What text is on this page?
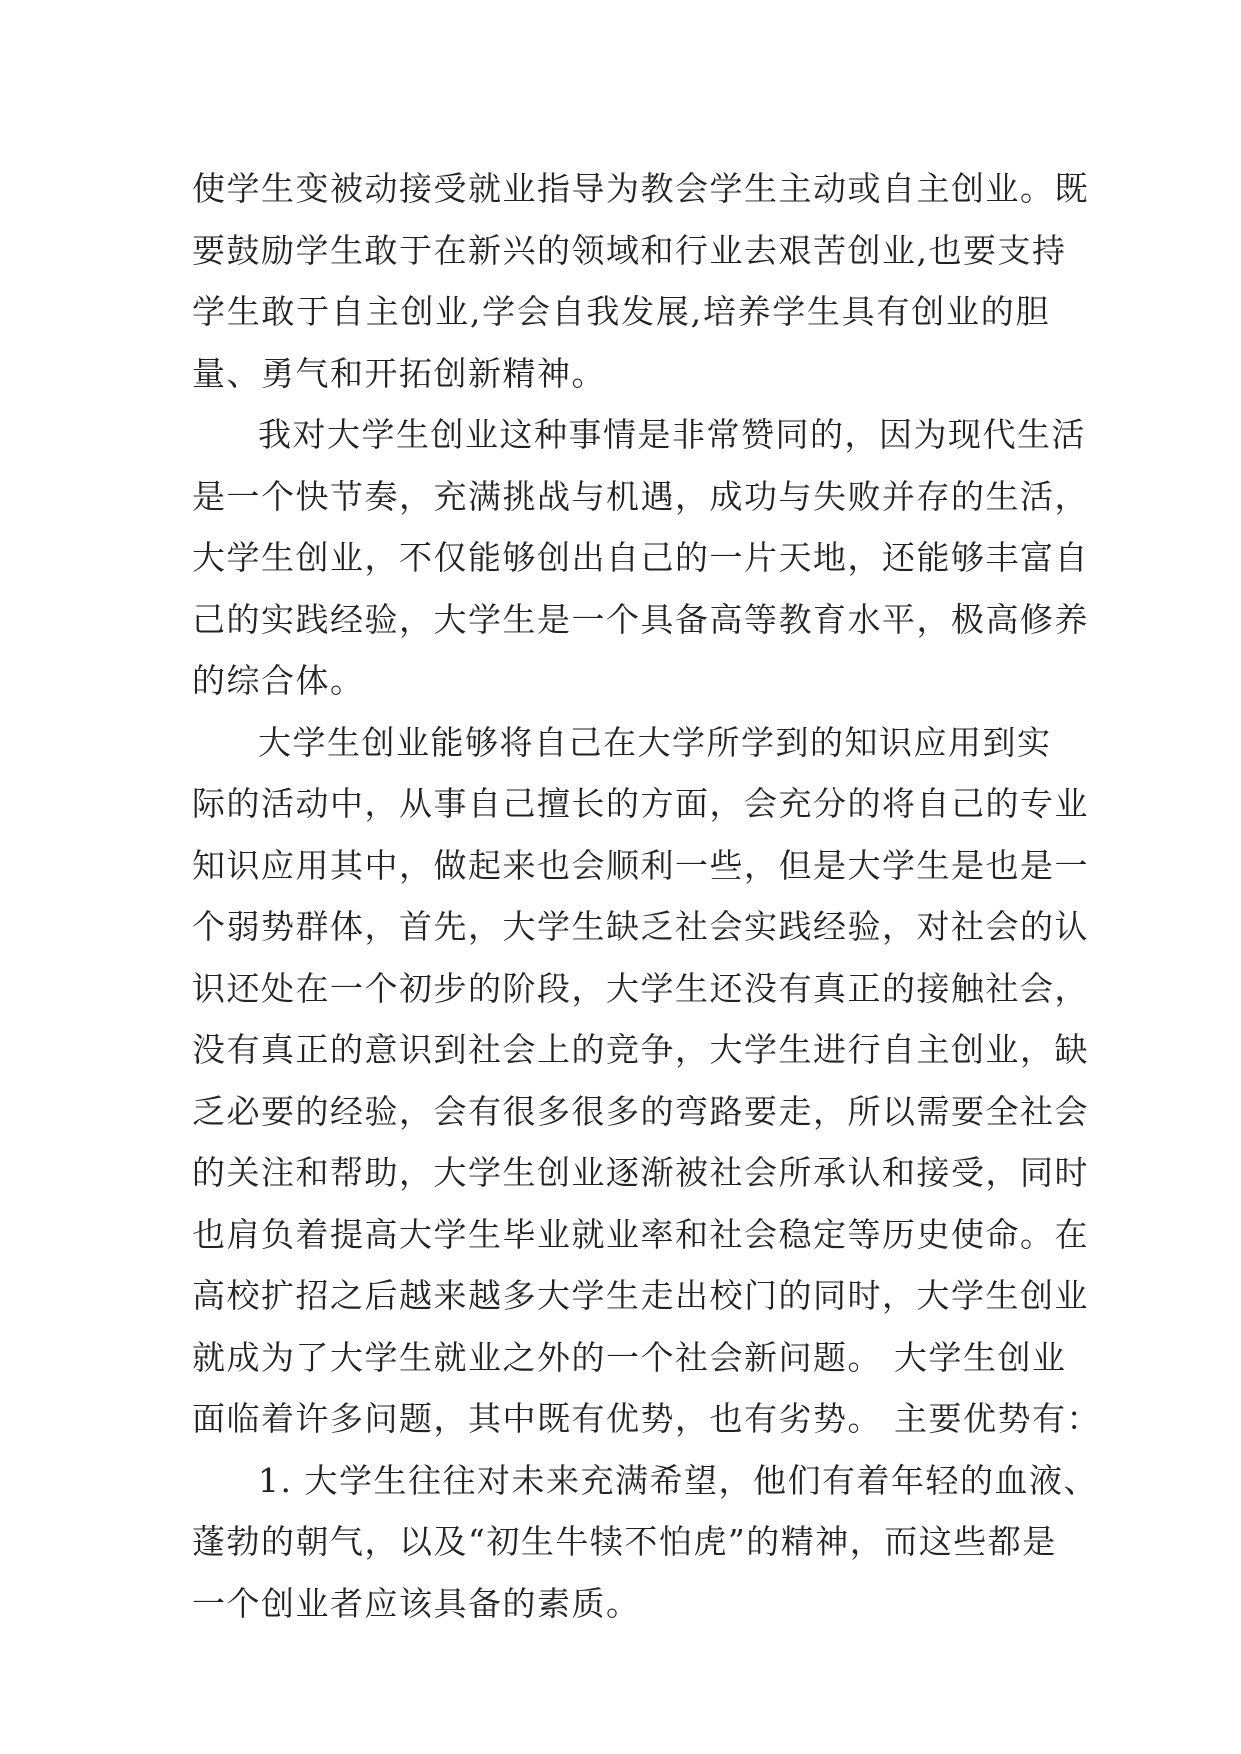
使学生变被动接受就业指导为教会学生主动或自主创业。既
要鼓励学生敢于在新兴的领域和行业去艰苦创业,也要支持
学生敢于自主创业,学会自我发展,培养学生具有创业的胆
量、勇气和开拓创新精神。
我对大学生创业这种事情是非常赞同的，因为现代生活
是一个快节奏，充满挑战与机遇，成功与失败并存的生活，
大学生创业，不仅能够创出自己的一片天地，还能够丰富自
己的实践经验，大学生是一个具备高等教育水平，极高修养
的综合体。
大学生创业能够将自己在大学所学到的知识应用到实
际的活动中，从事自己擅长的方面，会充分的将自己的专业
知识应用其中，做起来也会顺利一些，但是大学生是也是一
个弱势群体，首先，大学生缺乏社会实践经验，对社会的认
识还处在一个初步的阶段，大学生还没有真正的接触社会，
没有真正的意识到社会上的竞争，大学生进行自主创业，缺
乏必要的经验，会有很多很多的弯路要走，所以需要全社会
的关注和帮助，大学生创业逐渐被社会所承认和接受，同时
也肩负着提高大学生毕业就业率和社会稳定等历史使命。在
高校扩招之后越来越多大学生走出校门的同时，大学生创业
就成为了大学生就业之外的一个社会新问题。 大学生创业
面临着许多问题，其中既有优势，也有劣势。 主要优势有：
1. 大学生往往对未来充满希望，他们有着年轻的血液、
蓬勃的朝气，以及“初生牛犊不怕虎”的精神，而这些都是
一个创业者应该具备的素质。
